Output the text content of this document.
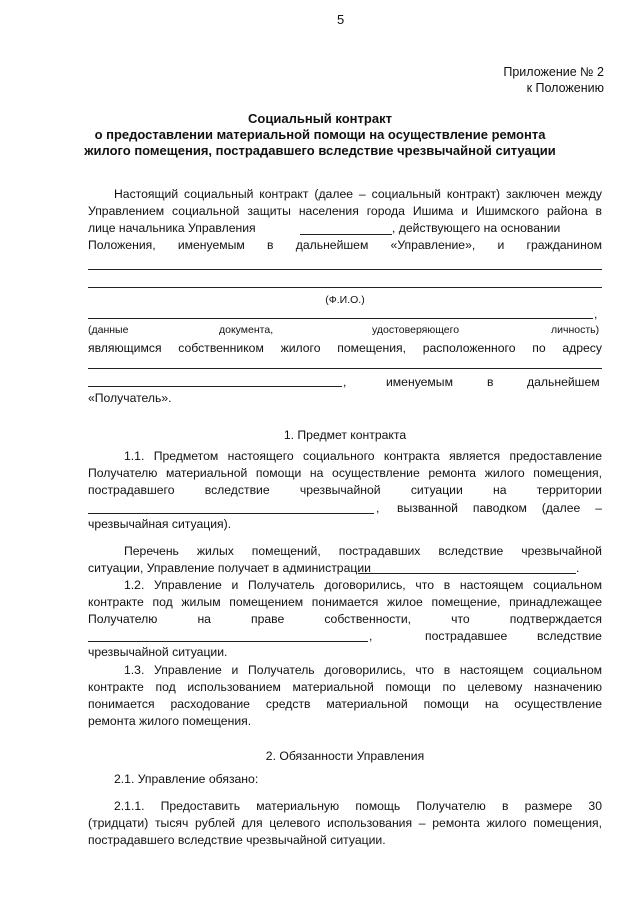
5
Приложение № 2
к Положению
Социальный контракт
о предоставлении материальной помощи на осуществление ремонта
жилого помещения, пострадавшего вследствие чрезвычайной ситуации
Настоящий социальный контракт (далее – социальный контракт) заключен между
Управлением социальной защиты населения города Ишима и Ишимского района в
лице начальника Управления	, действующего на основании
Положения, именуемым в дальнейшем «Управление», и гражданином
(Ф.И.О.)
,
(данные	документа,	удостоверяющего	личность)
являющимся собственником жилого помещения, расположенного по адресу
,	именуемым	в	дальнейшем
«Получатель».
1. Предмет контракта
1.1. Предметом настоящего социального контракта является предоставление
Получателю материальной помощи на осуществление ремонта жилого помещения,
пострадавшего вследствие чрезвычайной ситуации на территории
, вызванной паводком (далее –
чрезвычайная ситуация).
Перечень жилых помещений, пострадавших вследствие чрезвычайной
ситуации, Управление получает в администрации	.
1.2. Управление и Получатель договорились, что в настоящем социальном
контракте под жилым помещением понимается жилое помещение, принадлежащее
Получателю на праве собственности, что подтверждается
,	пострадавшее вследствие
чрезвычайной ситуации.
1.3. Управление и Получатель договорились, что в настоящем социальном
контракте под использованием материальной помощи по целевому назначению
понимается расходование средств материальной помощи на осуществление
ремонта жилого помещения.
2. Обязанности Управления
2.1. Управление обязано:
2.1.1. Предоставить материальную помощь Получателю в размере 30
(тридцати) тысяч рублей для целевого использования – ремонта жилого помещения,
пострадавшего вследствие чрезвычайной ситуации.
